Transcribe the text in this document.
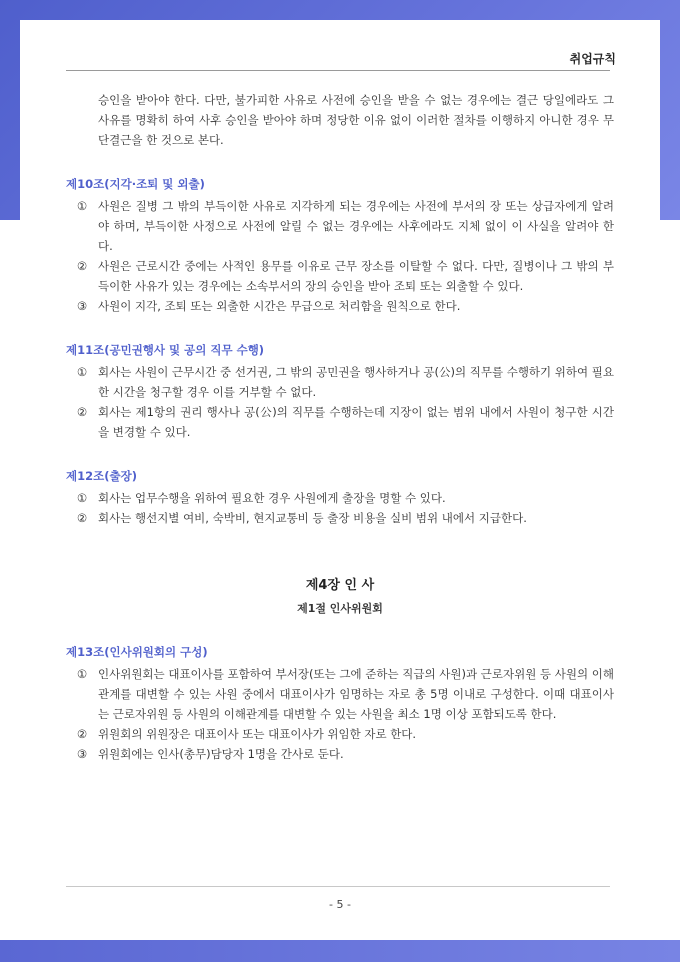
취업규칙

승인을 받아야 한다. 다만, 불가피한 사유로 사전에 승인을 받을 수 없는 경우에는 결근 당일에라도 그 사유를 명확히 하여 사후 승인을 받아야 하며 정당한 이유 없이 이러한 절차를 이행하지 아니한 경우 무단결근을 한 것으로 본다.

제10조(지각·조퇴 및 외출)
① 사원은 질병 그 밖의 부득이한 사유로 지각하게 되는 경우에는 사전에 부서의 장 또는 상급자에게 알려야 하며, 부득이한 사정으로 사전에 알릴 수 없는 경우에는 사후에라도 지체 없이 이 사실을 알려야 한다.
② 사원은 근로시간 중에는 사적인 용무를 이유로 근무 장소를 이탈할 수 없다. 다만, 질병이나 그 밖의 부득이한 사유가 있는 경우에는 소속부서의 장의 승인을 받아 조퇴 또는 외출할 수 있다.
③ 사원이 지각, 조퇴 또는 외출한 시간은 무급으로 처리함을 원칙으로 한다.
제11조(공민권행사 및 공의 직무 수행)
① 회사는 사원이 근무시간 중 선거권, 그 밖의 공민권을 행사하거나 공(公)의 직무를 수행하기 위하여 필요한 시간을 청구할 경우 이를 거부할 수 없다.
② 회사는 제1항의 권리 행사나 공(公)의 직무를 수행하는데 지장이 없는 범위 내에서 사원이 청구한 시간을 변경할 수 있다.
제12조(출장)
① 회사는 업무수행을 위하여 필요한 경우 사원에게 출장을 명할 수 있다.
② 회사는 행선지별 여비, 숙박비, 현지교통비 등 출장 비용을 실비 범위 내에서 지급한다.
제4장 인 사
제1절 인사위원회
제13조(인사위원회의 구성)
① 인사위원회는 대표이사를 포함하여 부서장(또는 그에 준하는 직급의 사원)과 근로자위원 등 사원의 이해관계를 대변할 수 있는 사원 중에서 대표이사가 임명하는 자로 총 5명 이내로 구성한다. 이때 대표이사는 근로자위원 등 사원의 이해관계를 대변할 수 있는 사원을 최소 1명 이상 포함되도록 한다.
② 위원회의 위원장은 대표이사 또는 대표이사가 위임한 자로 한다.
③ 위원회에는 인사(총무)담당자 1명을 간사로 둔다.
- 5 -
